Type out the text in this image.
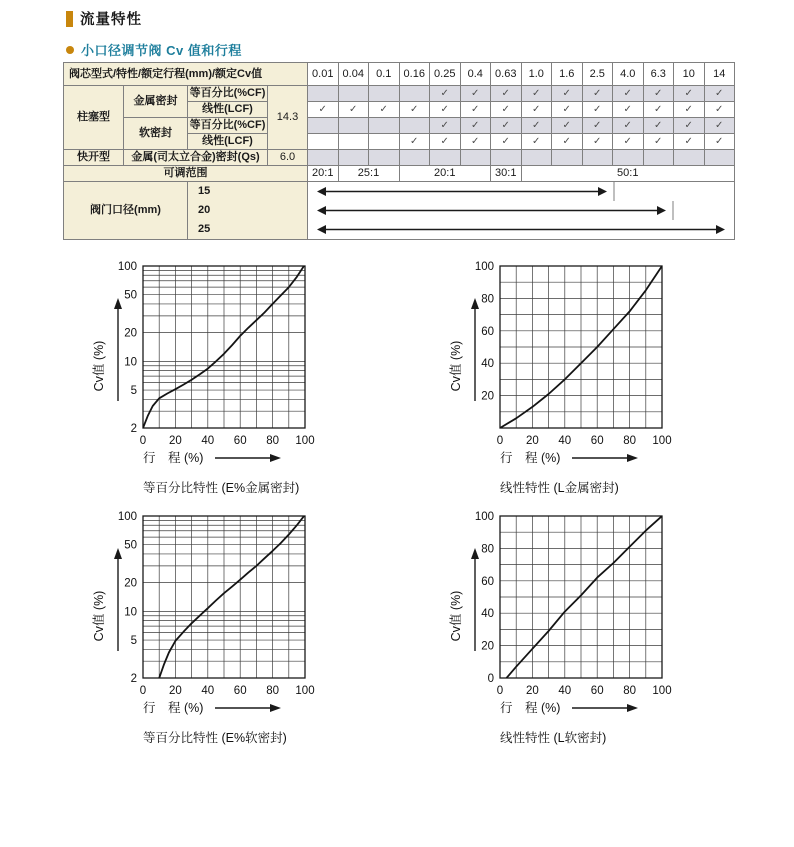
流量特性
小口径调节阀 Cv 值和行程
阀芯型式/特性/额定行程(mm)/额定Cv值				0.01	0.04	0.1	0.16	0.25	0.4	0.63	1.0	1.6	2.5	4.0	6.3	10	14
柱塞型	金属密封	等百分比(%CF)	14.3					✓	✓	✓	✓	✓	✓	✓	✓	✓	✓
		线性(LCF)		✓	✓	✓	✓	✓	✓	✓	✓	✓	✓	✓	✓	✓	✓
	软密封	等百分比(%CF)						✓	✓	✓	✓	✓	✓	✓	✓	✓	✓
		线性(LCF)					✓	✓	✓	✓	✓	✓	✓	✓	✓	✓	✓
快开型	金属(司太立合金)密封(Qs)		6.0														
可调范围				20:1	25:1		20:1			30:1	50:1						
阀门口径(mm)		15
20
25

0 20 40 60 80 100
2
5
10
20
50
100
Cv值 (%)
行　程 (%)
等百分比特性 (E%金属密封)
0 20 40 60 80 100
20
40
60
80
100
Cv值 (%)
行　程 (%)
线性特性 (L金属密封)
0 20 40 60 80 100
2
5
10
20
50
100
Cv值 (%)
行　程 (%)
等百分比特性 (E%软密封)
0 20 40 60 80 100
0
20
40
60
80
100
Cv值 (%)
行　程 (%)
线性特性 (L软密封)
